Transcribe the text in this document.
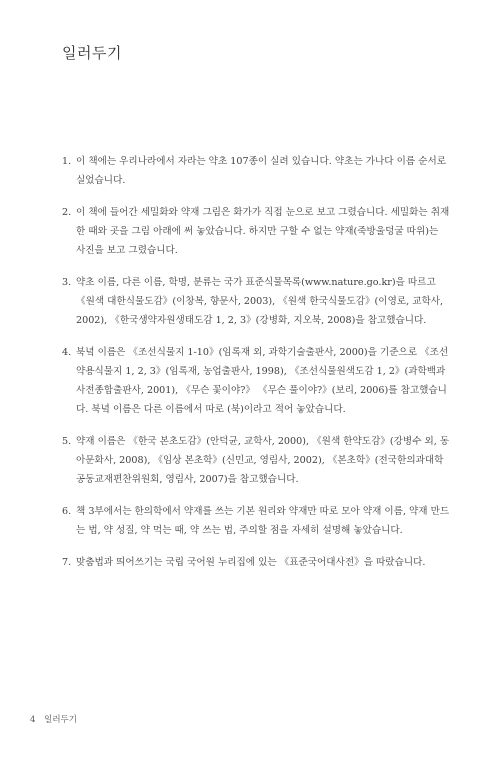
일러두기
1. 이 책에는 우리나라에서 자라는 약초 107종이 실려 있습니다. 약초는 가나다 이름 순서로 실었습니다.
2. 이 책에 들어간 세밀화와 약재 그림은 화가가 직접 눈으로 보고 그렸습니다. 세밀화는 취재한 때와 곳을 그림 아래에 써 놓았습니다. 하지만 구할 수 없는 약재(죽방울덩굴 따위)는 사진을 보고 그렸습니다.
3. 약초 이름, 다른 이름, 학명, 분류는 국가 표준식물목록(www.nature.go.kr)을 따르고 《원색 대한식물도감》(이창복, 향문사, 2003), 《원색 한국식물도감》(이영로, 교학사, 2002), 《한국생약자원생태도감 1, 2, 3》(강병화, 지오북, 2008)을 참고했습니다.
4. 북녘 이름은 《조선식물지 1-10》(임록재 외, 과학기술출판사, 2000)을 기준으로 《조선약용식물지 1, 2, 3》(임록재, 농업출판사, 1998), 《조선식물원색도감 1, 2》(과학백과사전종합출판사, 2001), 《무슨 꽃이야?》 《무슨 풀이야?》(보리, 2006)를 참고했습니다. 북녘 이름은 다른 이름에서 따로 (북)이라고 적어 놓았습니다.
5. 약재 이름은 《한국 본초도감》(안덕균, 교학사, 2000), 《원색 한약도감》(강병수 외, 동아문화사, 2008), 《임상 본초학》(신민교, 영림사, 2002), 《본초학》(전국한의과대학공동교재편찬위원회, 영림사, 2007)을 참고했습니다.
6. 책 3부에서는 한의학에서 약재를 쓰는 기본 원리와 약재만 따로 모아 약재 이름, 약재 만드는 법, 약 성질, 약 먹는 때, 약 쓰는 법, 주의할 점을 자세히 설명해 놓았습니다.
7. 맞춤법과 띄어쓰기는 국립 국어원 누리집에 있는 《표준국어대사전》을 따랐습니다.
4 일러두기
